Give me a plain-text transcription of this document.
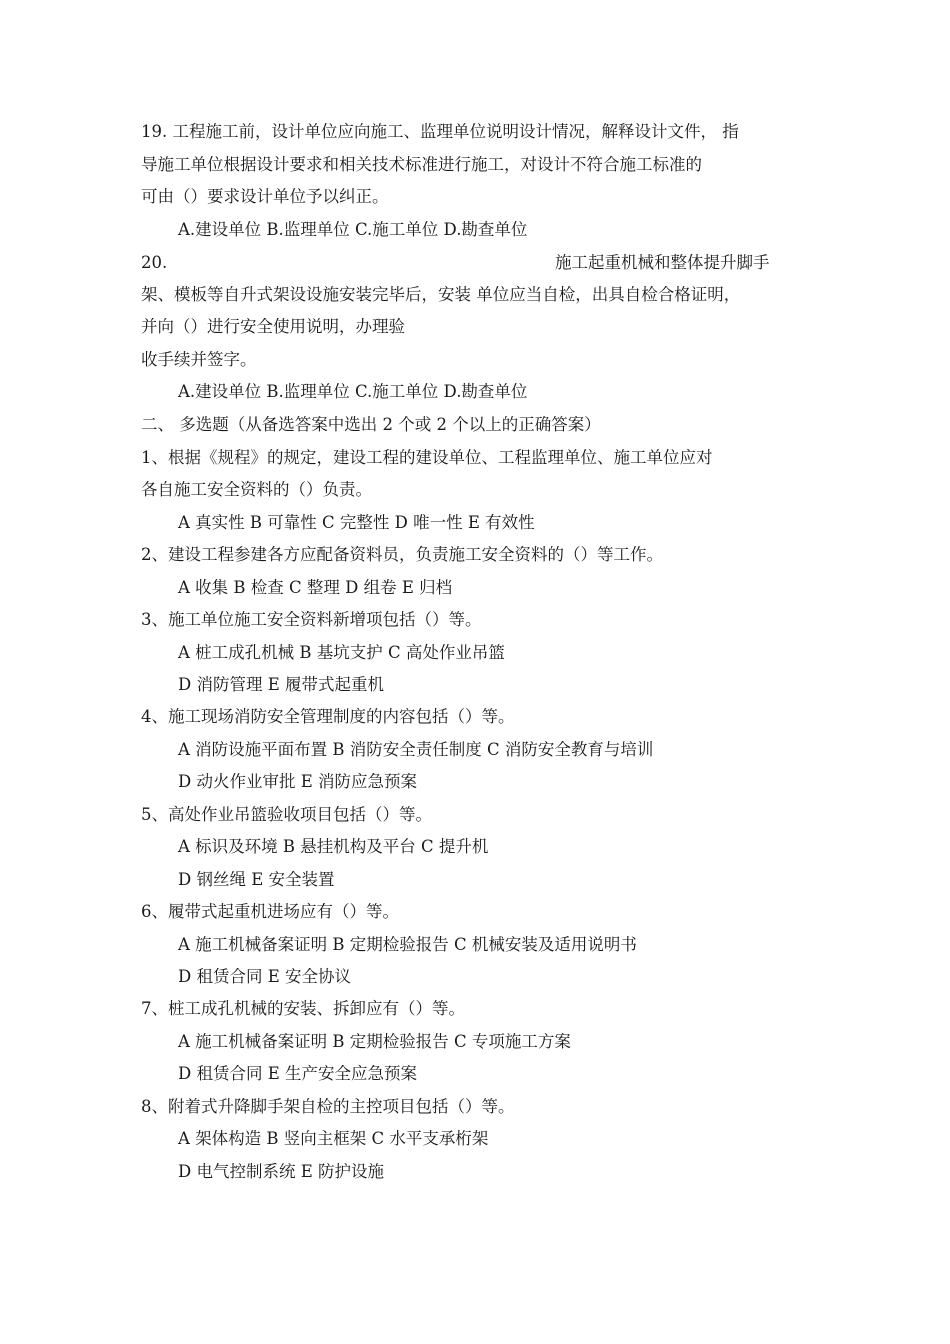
19. 工程施工前，设计单位应向施工、监理单位说明设计情况，解释设计文件， 指
导施工单位根据设计要求和相关技术标准进行施工，对设计不符合施工标准的
可由（）要求设计单位予以纠正。
A.建设单位 B.监理单位 C.施工单位 D.勘查单位
20.	施工起重机械和整体提升脚手
架、模板等自升式架设设施安装完毕后，安装 单位应当自检，出具自检合格证明，
并向（）进行安全使用说明，办理验
收手续并签字。
A.建设单位 B.监理单位 C.施工单位 D.勘查单位
二、 多选题（从备选答案中选出 2 个或 2 个以上的正确答案）
1、根据《规程》的规定，建设工程的建设单位、工程监理单位、施工单位应对
各自施工安全资料的（）负责。
A 真实性 B 可靠性 C 完整性 D 唯一性 E 有效性
2、建设工程参建各方应配备资料员，负责施工安全资料的（）等工作。
A 收集 B 检查 C 整理 D 组卷 E 归档
3、施工单位施工安全资料新增项包括（）等。
A 桩工成孔机械 B 基坑支护 C 高处作业吊篮
D 消防管理 E 履带式起重机
4、施工现场消防安全管理制度的内容包括（）等。
A 消防设施平面布置 B 消防安全责任制度 C 消防安全教育与培训
D 动火作业审批 E 消防应急预案
5、高处作业吊篮验收项目包括（）等。
A 标识及环境 B 悬挂机构及平台 C 提升机
D 钢丝绳 E 安全装置
6、履带式起重机进场应有（）等。
A 施工机械备案证明 B 定期检验报告 C 机械安装及适用说明书
D 租赁合同 E 安全协议
7、桩工成孔机械的安装、拆卸应有（）等。
A 施工机械备案证明 B 定期检验报告 C 专项施工方案
D 租赁合同 E 生产安全应急预案
8、附着式升降脚手架自检的主控项目包括（）等。
A 架体构造 B 竖向主框架 C 水平支承桁架
D 电气控制系统 E 防护设施
